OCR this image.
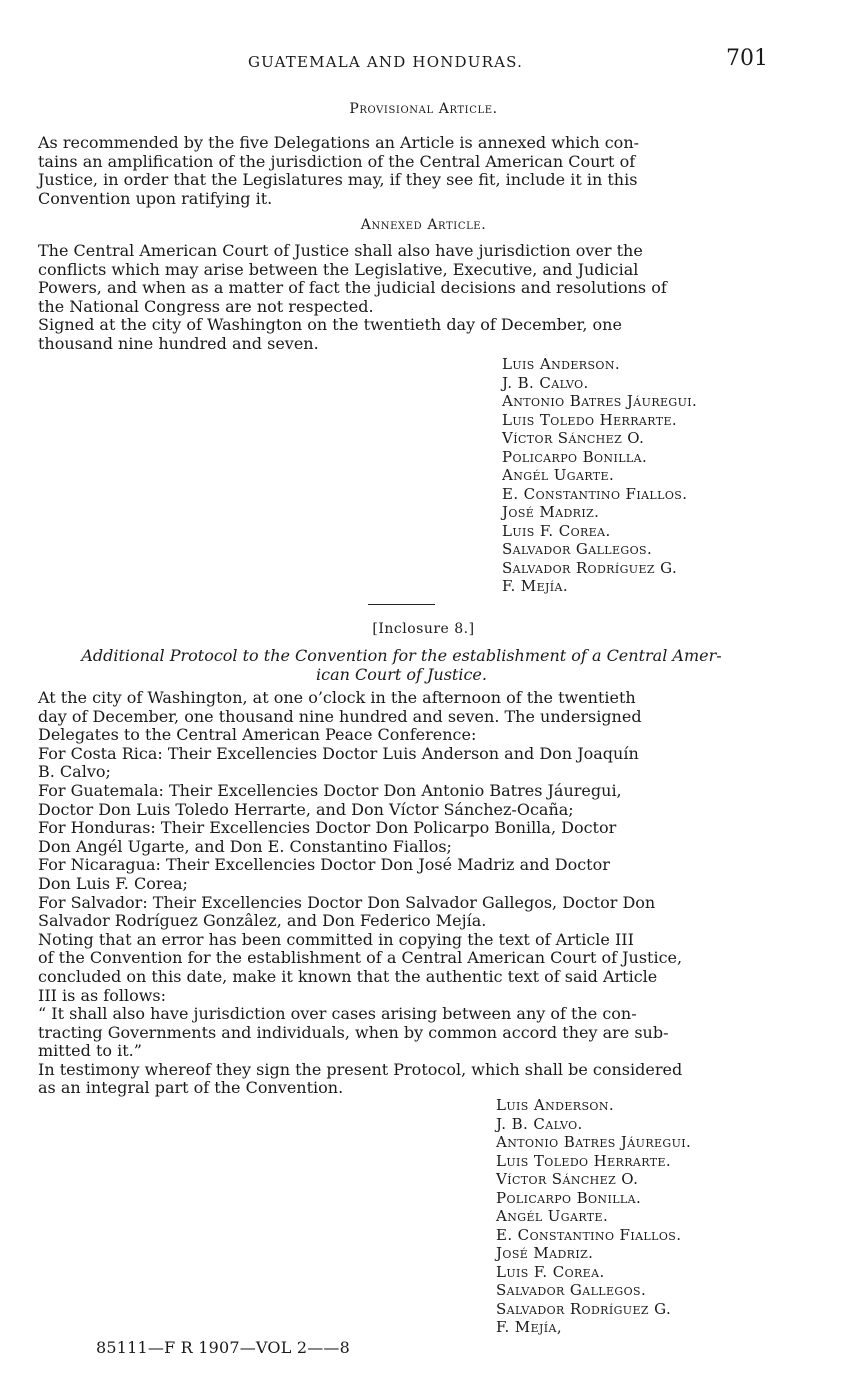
GUATEMALA AND HONDURAS.	701
Provisional Article.

As recommended by the five Delegations an Article is annexed which con-
tains an amplification of the jurisdiction of the Central American Court of
Justice, in order that the Legislatures may, if they see fit, include it in this
Convention upon ratifying it.

Annexed Article.

The Central American Court of Justice shall also have jurisdiction over the
conflicts which may arise between the Legislative, Executive, and Judicial
Powers, and when as a matter of fact the judicial decisions and resolutions of
the National Congress are not respected.
Signed at the city of Washington on the twentieth day of December, one
thousand nine hundred and seven.

Luis Anderson.
J. B. Calvo.
Antonio Batres Jáuregui.
Luis Toledo Herrarte.
Víctor Sánchez O.
Policarpo Bonilla.
Angél Ugarte.
E. Constantino Fiallos.
José Madriz.
Luis F. Corea.
Salvador Gallegos.
Salvador Rodríguez G.
F. Mejía.
[Inclosure 8.]

Additional Protocol to the Convention for the establishment of a Central Amer-
ican Court of Justice.

At the city of Washington, at one o’clock in the afternoon of the twentieth
day of December, one thousand nine hundred and seven. The undersigned
Delegates to the Central American Peace Conference:
For Costa Rica: Their Excellencies Doctor Luis Anderson and Don Joaquín
B. Calvo;
For Guatemala: Their Excellencies Doctor Don Antonio Batres Jáuregui,
Doctor Don Luis Toledo Herrarte, and Don Víctor Sánchez-Ocaña;
For Honduras: Their Excellencies Doctor Don Policarpo Bonilla, Doctor
Don Angél Ugarte, and Don E. Constantino Fiallos;
For Nicaragua: Their Excellencies Doctor Don José Madriz and Doctor
Don Luis F. Corea;
For Salvador: Their Excellencies Doctor Don Salvador Gallegos, Doctor Don
Salvador Rodríguez Gonzâlez, and Don Federico Mejía.
Noting that an error has been committed in copying the text of Article III
of the Convention for the establishment of a Central American Court of Justice,
concluded on this date, make it known that the authentic text of said Article
III is as follows:
“ It shall also have jurisdiction over cases arising between any of the con-
tracting Governments and individuals, when by common accord they are sub-
mitted to it.”
In testimony whereof they sign the present Protocol, which shall be considered
as an integral part of the Convention.

Luis Anderson.
J. B. Calvo.
Antonio Batres Jáuregui.
Luis Toledo Herrarte.
Víctor Sánchez O.
Policarpo Bonilla.
Angél Ugarte.
E. Constantino Fiallos.
José Madriz.
Luis F. Corea.
Salvador Gallegos.
Salvador Rodríguez G.
F. Mejía,
85111—F R 1907—VOL 2——8
